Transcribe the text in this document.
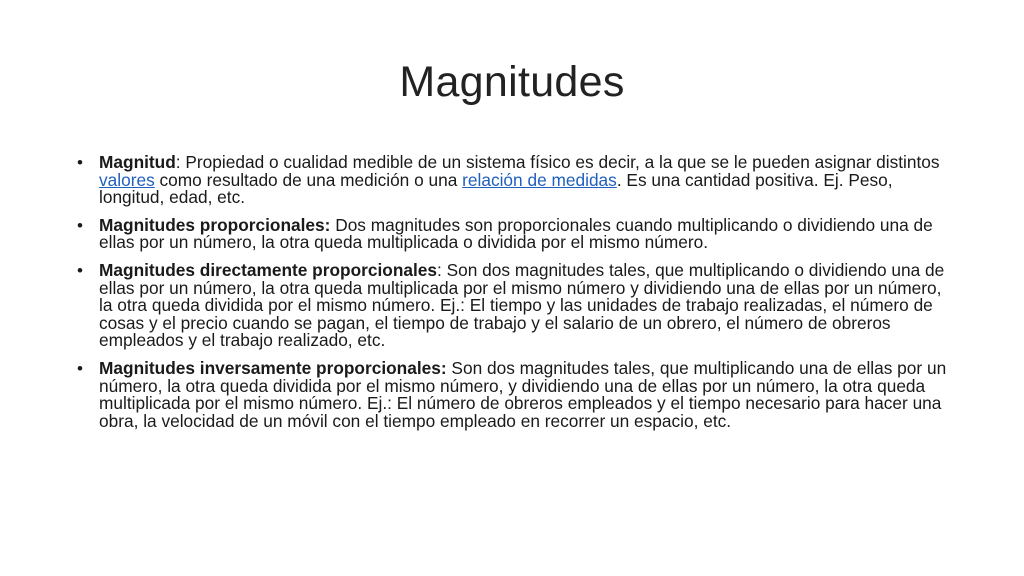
Magnitudes
• Magnitud: Propiedad o cualidad medible de un sistema físico es decir, a la que se le pueden asignar distintos valores como resultado de una medición o una relación de medidas. Es una cantidad positiva. Ej. Peso, longitud, edad, etc.
• Magnitudes proporcionales: Dos magnitudes son proporcionales cuando multiplicando o dividiendo una de ellas por un número, la otra queda multiplicada o dividida por el mismo número.
• Magnitudes directamente proporcionales: Son dos magnitudes tales, que multiplicando o dividiendo una de ellas por un número, la otra queda multiplicada por el mismo número y dividiendo una de ellas por un número, la otra queda dividida por el mismo número. Ej.: El tiempo y las unidades de trabajo realizadas, el número de cosas y el precio cuando se pagan, el tiempo de trabajo y el salario de un obrero, el número de obreros empleados y el trabajo realizado, etc.
• Magnitudes inversamente proporcionales: Son dos magnitudes tales, que multiplicando una de ellas por un número, la otra queda dividida por el mismo número, y dividiendo una de ellas por un número, la otra queda multiplicada por el mismo número. Ej.: El número de obreros empleados y el tiempo necesario para hacer una obra, la velocidad de un móvil con el tiempo empleado en recorrer un espacio, etc.
